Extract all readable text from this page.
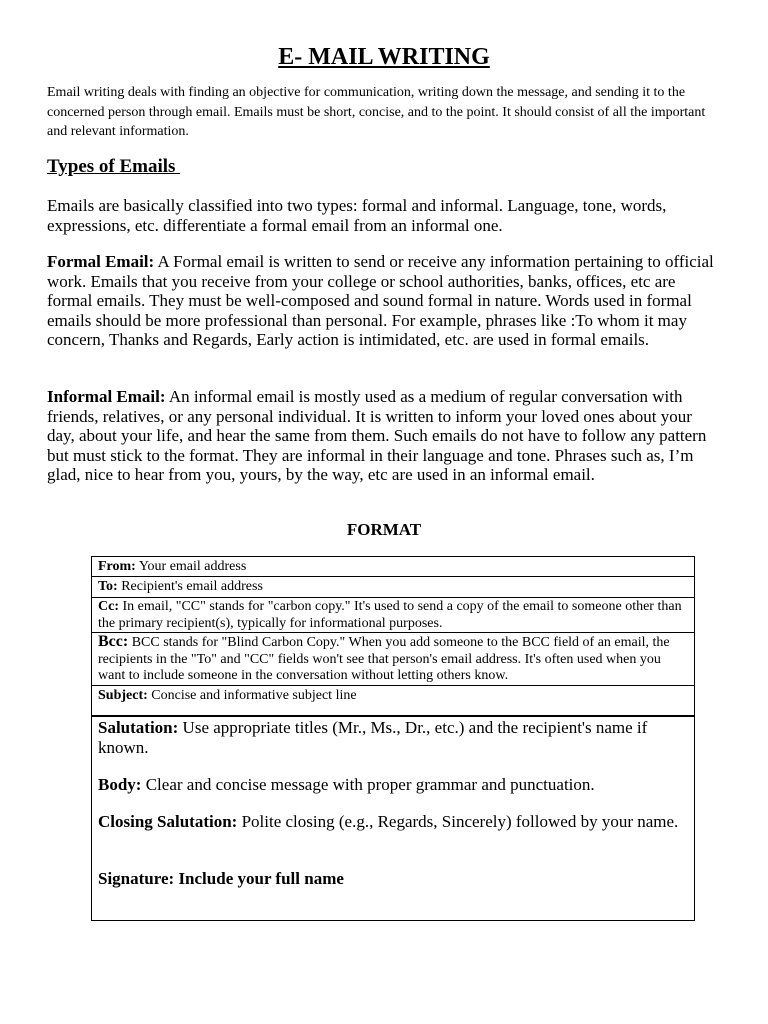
E- MAIL WRITING

Email writing deals with finding an objective for communication, writing down the message, and sending it to the concerned person through email. Emails must be short, concise, and to the point. It should consist of all the important and relevant information.

Types of Emails

Emails are basically classified into two types: formal and informal. Language, tone, words, expressions, etc. differentiate a formal email from an informal one.

Formal Email: A Formal email is written to send or receive any information pertaining to official work. Emails that you receive from your college or school authorities, banks, offices, etc are formal emails. They must be well-composed and sound formal in nature. Words used in formal emails should be more professional than personal. For example, phrases like :To whom it may concern, Thanks and Regards, Early action is intimidated, etc. are used in formal emails.

Informal Email: An informal email is mostly used as a medium of regular conversation with friends, relatives, or any personal individual. It is written to inform your loved ones about your day, about your life, and hear the same from them. Such emails do not have to follow any pattern but must stick to the format. They are informal in their language and tone. Phrases such as, I’m glad, nice to hear from you, yours, by the way, etc are used in an informal email.

FORMAT
From: Your email address
To: Recipient's email address
Cc: In email, "CC" stands for "carbon copy." It's used to send a copy of the email to someone other than the primary recipient(s), typically for informational purposes.
Bcc: BCC stands for "Blind Carbon Copy." When you add someone to the BCC field of an email, the recipients in the "To" and "CC" fields won't see that person's email address. It's often used when you want to include someone in the conversation without letting others know.
Subject: Concise and informative subject line

Salutation: Use appropriate titles (Mr., Ms., Dr., etc.) and the recipient's name if known.

Body: Clear and concise message with proper grammar and punctuation.

Closing Salutation: Polite closing (e.g., Regards, Sincerely) followed by your name.

Signature: Include your full name
